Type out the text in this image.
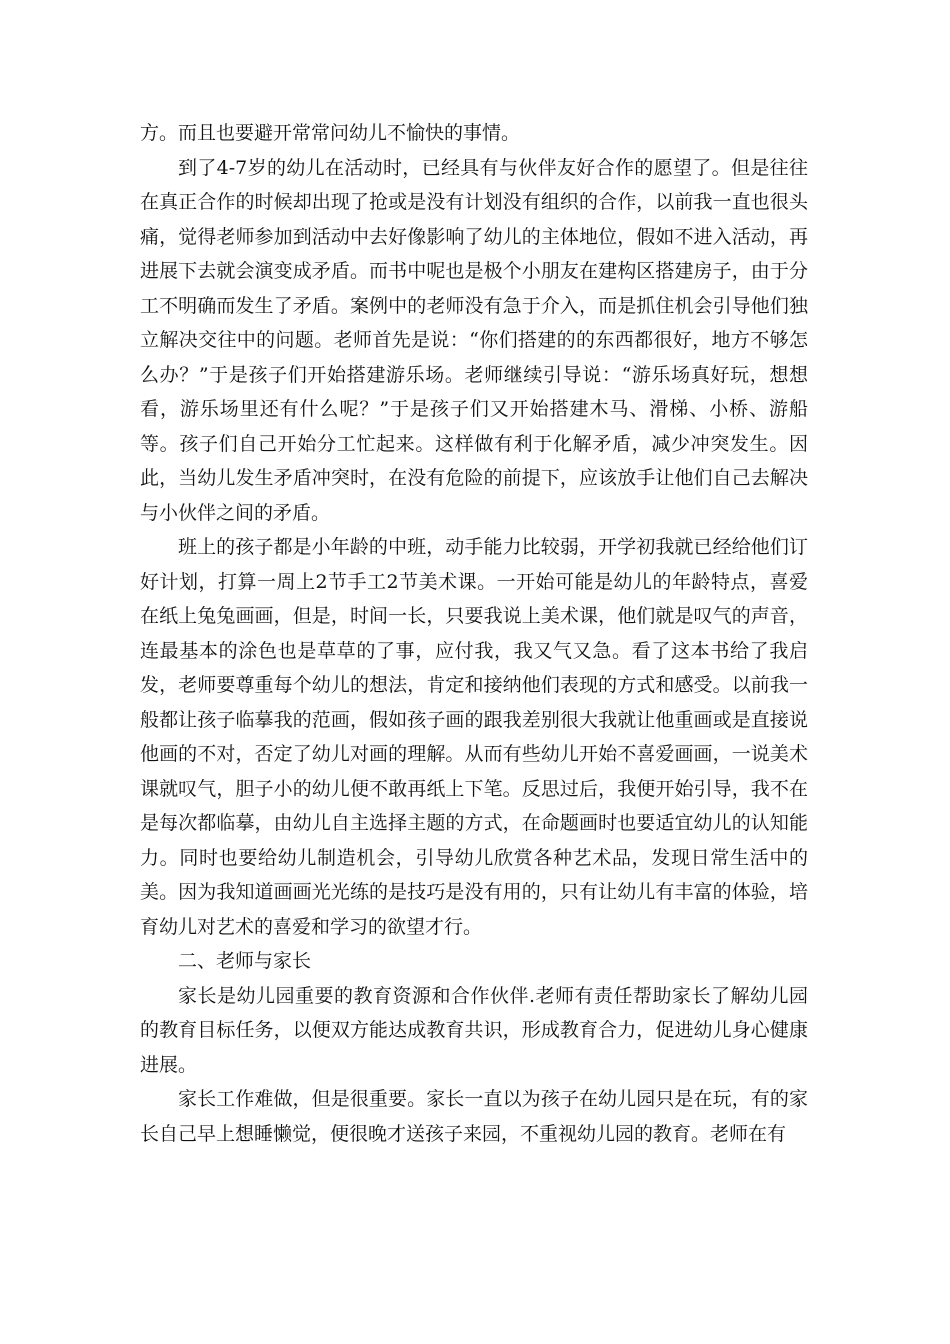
方。而且也要避开常常问幼儿不愉快的事情。

到了4-7岁的幼儿在活动时，已经具有与伙伴友好合作的愿望了。但是往往在真正合作的时候却出现了抢或是没有计划没有组织的合作，以前我一直也很头痛，觉得老师参加到活动中去好像影响了幼儿的主体地位，假如不进入活动，再进展下去就会演变成矛盾。而书中呢也是极个小朋友在建构区搭建房子，由于分工不明确而发生了矛盾。案例中的老师没有急于介入，而是抓住机会引导他们独立解决交往中的问题。老师首先是说：“你们搭建的的东西都很好，地方不够怎么办？”于是孩子们开始搭建游乐场。老师继续引导说：“游乐场真好玩，想想看，游乐场里还有什么呢？”于是孩子们又开始搭建木马、滑梯、小桥、游船等。孩子们自己开始分工忙起来。这样做有利于化解矛盾，减少冲突发生。因此，当幼儿发生矛盾冲突时，在没有危险的前提下，应该放手让他们自己去解决与小伙伴之间的矛盾。

班上的孩子都是小年龄的中班，动手能力比较弱，开学初我就已经给他们订好计划，打算一周上2节手工2节美术课。一开始可能是幼儿的年龄特点，喜爱在纸上兔兔画画，但是，时间一长，只要我说上美术课，他们就是叹气的声音，连最基本的涂色也是草草的了事，应付我，我又气又急。看了这本书给了我启发，老师要尊重每个幼儿的想法，肯定和接纳他们表现的方式和感受。以前我一般都让孩子临摹我的范画，假如孩子画的跟我差别很大我就让他重画或是直接说他画的不对，否定了幼儿对画的理解。从而有些幼儿开始不喜爱画画，一说美术课就叹气，胆子小的幼儿便不敢再纸上下笔。反思过后，我便开始引导，我不在是每次都临摹，由幼儿自主选择主题的方式，在命题画时也要适宜幼儿的认知能力。同时也要给幼儿制造机会，引导幼儿欣赏各种艺术品，发现日常生活中的美。因为我知道画画光光练的是技巧是没有用的，只有让幼儿有丰富的体验，培育幼儿对艺术的喜爱和学习的欲望才行。

二、老师与家长

家长是幼儿园重要的教育资源和合作伙伴.老师有责任帮助家长了解幼儿园的教育目标任务，以便双方能达成教育共识，形成教育合力，促进幼儿身心健康进展。

家长工作难做，但是很重要。家长一直以为孩子在幼儿园只是在玩，有的家长自己早上想睡懒觉，便很晚才送孩子来园，不重视幼儿园的教育。老师在有
